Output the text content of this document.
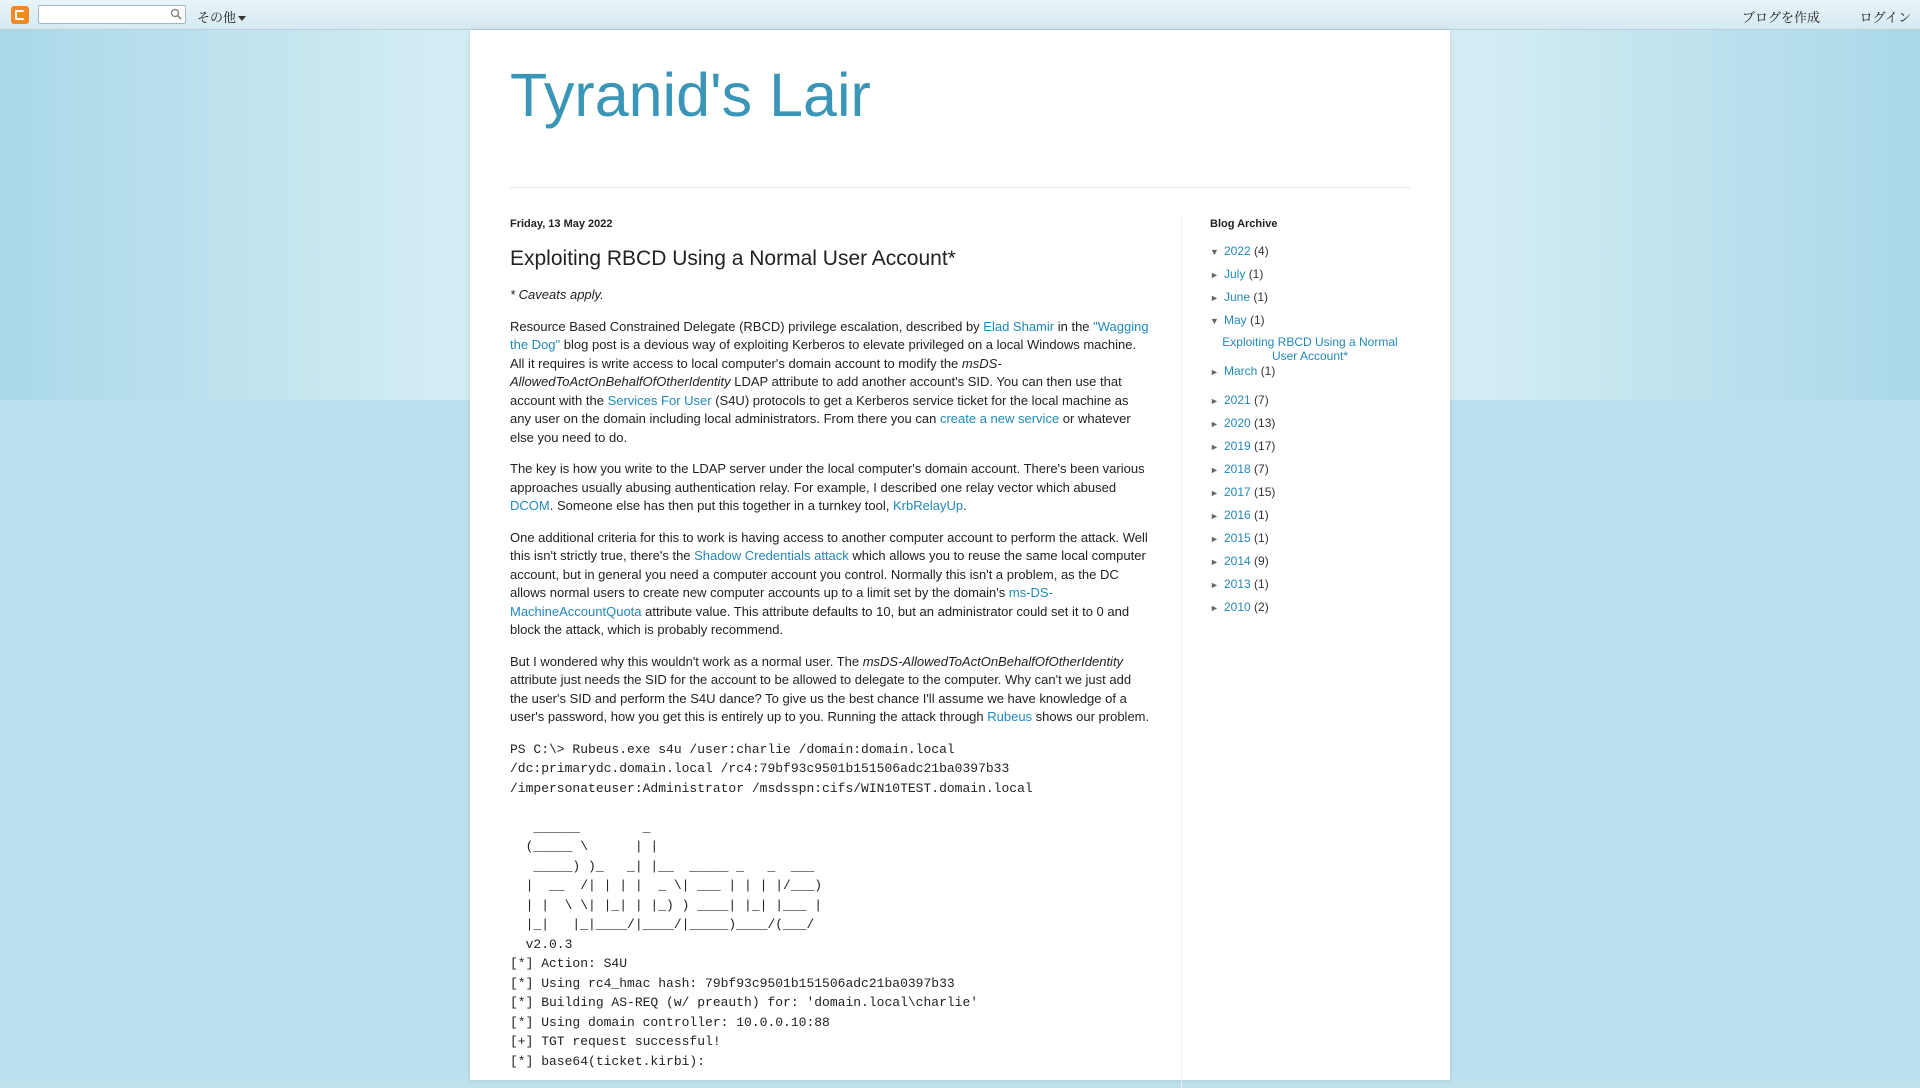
その他	ブログを作成	ログイン
Tyranid's Lair
Friday, 13 May 2022
Exploiting RBCD Using a Normal User Account*

* Caveats apply.

Resource Based Constrained Delegate (RBCD) privilege escalation, described by Elad Shamir in the "Wagging the Dog" blog post is a devious way of exploiting Kerberos to elevate privileged on a local Windows machine. All it requires is write access to local computer's domain account to modify the msDS-AllowedToActOnBehalfOfOtherIdentity LDAP attribute to add another account's SID. You can then use that account with the Services For User (S4U) protocols to get a Kerberos service ticket for the local machine as any user on the domain including local administrators. From there you can create a new service or whatever else you need to do.

The key is how you write to the LDAP server under the local computer's domain account. There's been various approaches usually abusing authentication relay. For example, I described one relay vector which abused DCOM. Someone else has then put this together in a turnkey tool, KrbRelayUp.

One additional criteria for this to work is having access to another computer account to perform the attack. Well this isn't strictly true, there's the Shadow Credentials attack which allows you to reuse the same local computer account, but in general you need a computer account you control. Normally this isn't a problem, as the DC allows normal users to create new computer accounts up to a limit set by the domain's ms-DS-MachineAccountQuota attribute value. This attribute defaults to 10, but an administrator could set it to 0 and block the attack, which is probably recommend.

But I wondered why this wouldn't work as a normal user. The msDS-AllowedToActOnBehalfOfOtherIdentity attribute just needs the SID for the account to be allowed to delegate to the computer. Why can't we just add the user's SID and perform the S4U dance? To give us the best chance I'll assume we have knowledge of a user's password, how you get this is entirely up to you. Running the attack through Rubeus shows our problem.

PS C:\> Rubeus.exe s4u /user:charlie /domain:domain.local
/dc:primarydc.domain.local /rc4:79bf93c9501b151506adc21ba0397b33
/impersonateuser:Administrator /msdsspn:cifs/WIN10TEST.domain.local

______        _
(_____ \      | |
_____) )_   _| |__  _____ _   _  ___
|  __  /| | | |  _ \| ___ | | | |/___)
| |  \ \| |_| | |_) ) ____| |_| |___ |
|_|   |_|____/|____/|_____)____/(___/
v2.0.3
[*] Action: S4U
[*] Using rc4_hmac hash: 79bf93c9501b151506adc21ba0397b33
[*] Building AS-REQ (w/ preauth) for: 'domain.local\charlie'
[*] Using domain controller: 10.0.0.10:88
[+] TGT request successful!
[*] base64(ticket.kirbi):
Blog Archive
▼ 2022 (4)
► July (1)
► June (1)
▼ May (1)
Exploiting RBCD Using a Normal User Account*
► March (1)
► 2021 (7)
► 2020 (13)
► 2019 (17)
► 2018 (7)
► 2017 (15)
► 2016 (1)
► 2015 (1)
► 2014 (9)
► 2013 (1)
► 2010 (2)
